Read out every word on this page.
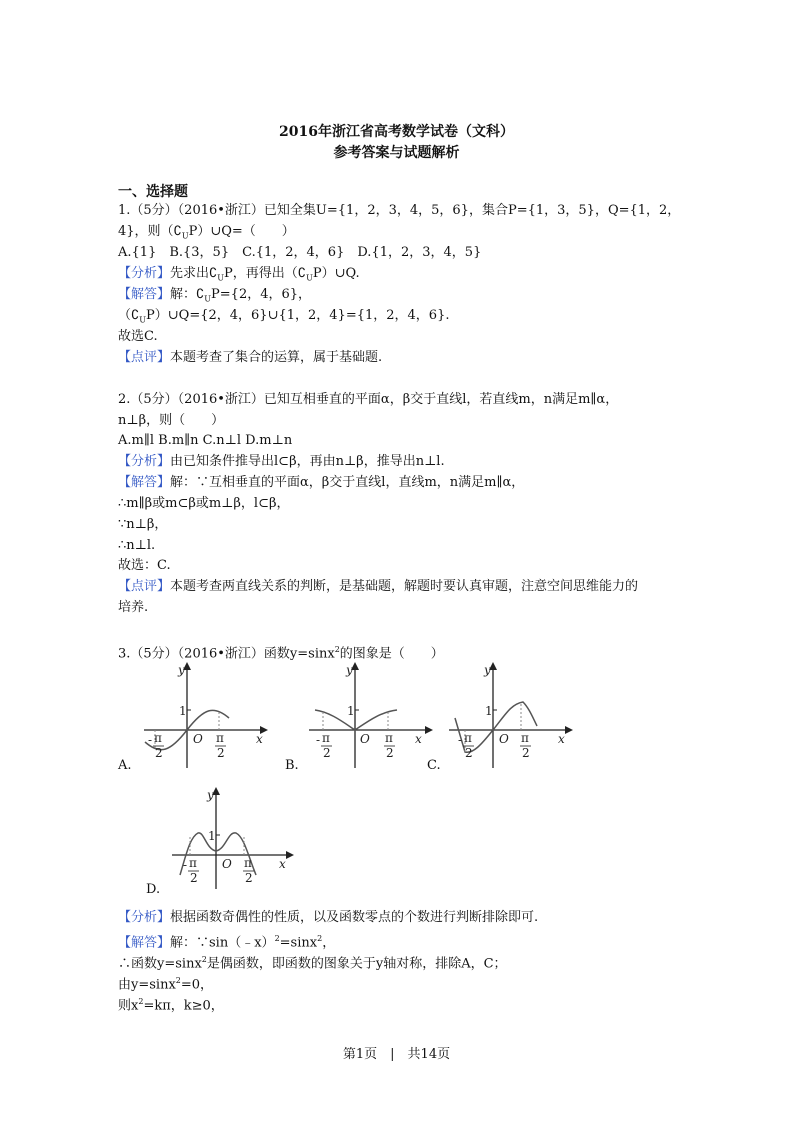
2016年浙江省高考数学试卷（文科）
参考答案与试题解析
一、选择题
1.（5分）（2016•浙江）已知全集U={1，2，3，4，5，6}，集合P={1，3，5}，Q={1，2，
4}，则$(∁_UP)\cup Q=$（　　）
A.{1}　B.{3，5}　C.{1，2，4，6}　D.{1，2，3，4，5}
【分析】先求出$∁_UP$，再得出$(∁_UP)\cup Q$.
【解答】解：$∁_UP=\{2$，4，6}，
$(∁_UP)\cup Q=\{2$，4，6}∪{1，2，4}={1，2，4，6}.
故选C.
【点评】本题考查了集合的运算，属于基础题.
2.（5分）（2016•浙江）已知互相垂直的平面α，β交于直线l，若直线m，n满足m∥α，
n⊥β，则（　　）
A.m∥l B.m∥n C.n⊥l D.m⊥n
【分析】由已知条件推导出l⊂β，再由n⊥β，推导出n⊥l.
【解答】解：∵互相垂直的平面α，β交于直线l，直线m，n满足m∥α，
∴m∥β或m⊂β或m⊥β，l⊂β，
∵n⊥β，
∴n⊥l.
故选：C.
【点评】本题考查两直线关系的判断，是基础题，解题时要认真审题，注意空间思维能力的
培养.
3.（5分）（2016•浙江）函数y=sinx$^2$的图象是（　　）
y
1
O	x
- π
2
π
2
A.
y
1
O	x
- π
2
π
2
B.
y
1
O	x
- π
2
π
2
C.
y
1
O	x
- π
2
π
2
D.
【分析】根据函数奇偶性的性质，以及函数零点的个数进行判断排除即可.
【解答】解：∵sin（﹣x）$^2$=sinx$^2$，
∴函数y=sinx$^2$是偶函数，即函数的图象关于y轴对称，排除A，C；
由y=sinx$^2$=0，
则$x^2=k\pi$，k≥0，
第1页　|　共14页
